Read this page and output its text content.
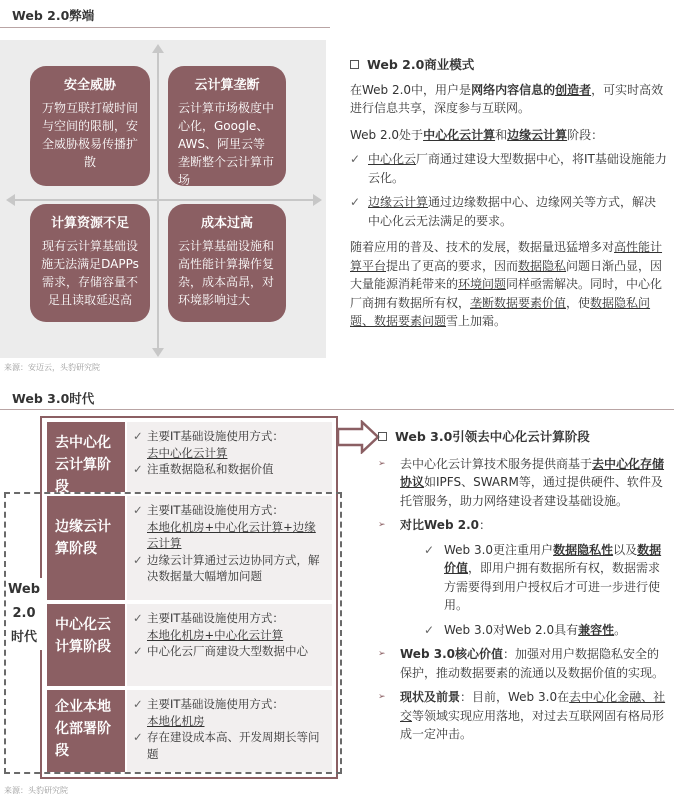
Web 2.0弊端
安全威胁
万物互联打破时间与空间的限制，安全威胁极易传播扩散
云计算垄断
云计算市场极度中心化，Google、AWS、阿里云等垄断整个云计算市场
计算资源不足
现有云计算基础设施无法满足DAPPs需求，存储容量不足且读取延迟高
成本过高
云计算基础设施和高性能计算操作复杂，成本高昂，对环境影响过大
来源：安迈云，头豹研究院

Web 2.0商业模式

在Web 2.0中，用户是网络内容信息的创造者，可实时高效进行信息共享，深度参与互联网。

Web 2.0处于中心化云计算和边缘云计算阶段：

✓ 中心化云厂商通过建设大型数据中心，将IT基础设施能力云化。

✓ 边缘云计算通过边缘数据中心、边缘网关等方式，解决中心化云无法满足的要求。

随着应用的普及、技术的发展，数据量迅猛增多对高性能计算平台提出了更高的要求，因而数据隐私问题日渐凸显，因大量能源消耗带来的环境问题同样亟需解决。同时，中心化厂商拥有数据所有权，垄断数据要素价值，使数据隐私问题、数据要素问题雪上加霜。

Web 3.0时代
Web
2.0
时代
去中心化云计算阶段
✓ 主要IT基础设施使用方式：
去中心化云计算
✓ 注重数据隐私和数据价值
边缘云计算阶段
✓ 主要IT基础设施使用方式：
本地化机房+中心化云计算+边缘云计算
✓ 边缘云计算通过云边协同方式，解决数据量大幅增加问题
中心化云计算阶段
✓ 主要IT基础设施使用方式：
本地化机房+中心化云计算
✓ 中心化云厂商建设大型数据中心
企业本地化部署阶段
✓ 主要IT基础设施使用方式：
本地化机房
✓ 存在建设成本高、开发周期长等问题
来源：头豹研究院

Web 3.0引领去中心化云计算阶段

➢	去中心化云计算技术服务提供商基于去中心化存储协议如IPFS、SWARM等，通过提供硬件、软件及托管服务，助力网络建设者建设基础设施。

➢	对比Web 2.0：

✓ Web 3.0更注重用户数据隐私性以及数据价值，即用户拥有数据所有权，数据需求方需要得到用户授权后才可进一步进行使用。

✓ Web 3.0对Web 2.0具有兼容性。

➢	Web 3.0核心价值：加强对用户数据隐私安全的保护，推动数据要素的流通以及数据价值的实现。

➢	现状及前景：目前，Web 3.0在去中心化金融、社交等领域实现应用落地，对过去互联网固有格局形成一定冲击。
